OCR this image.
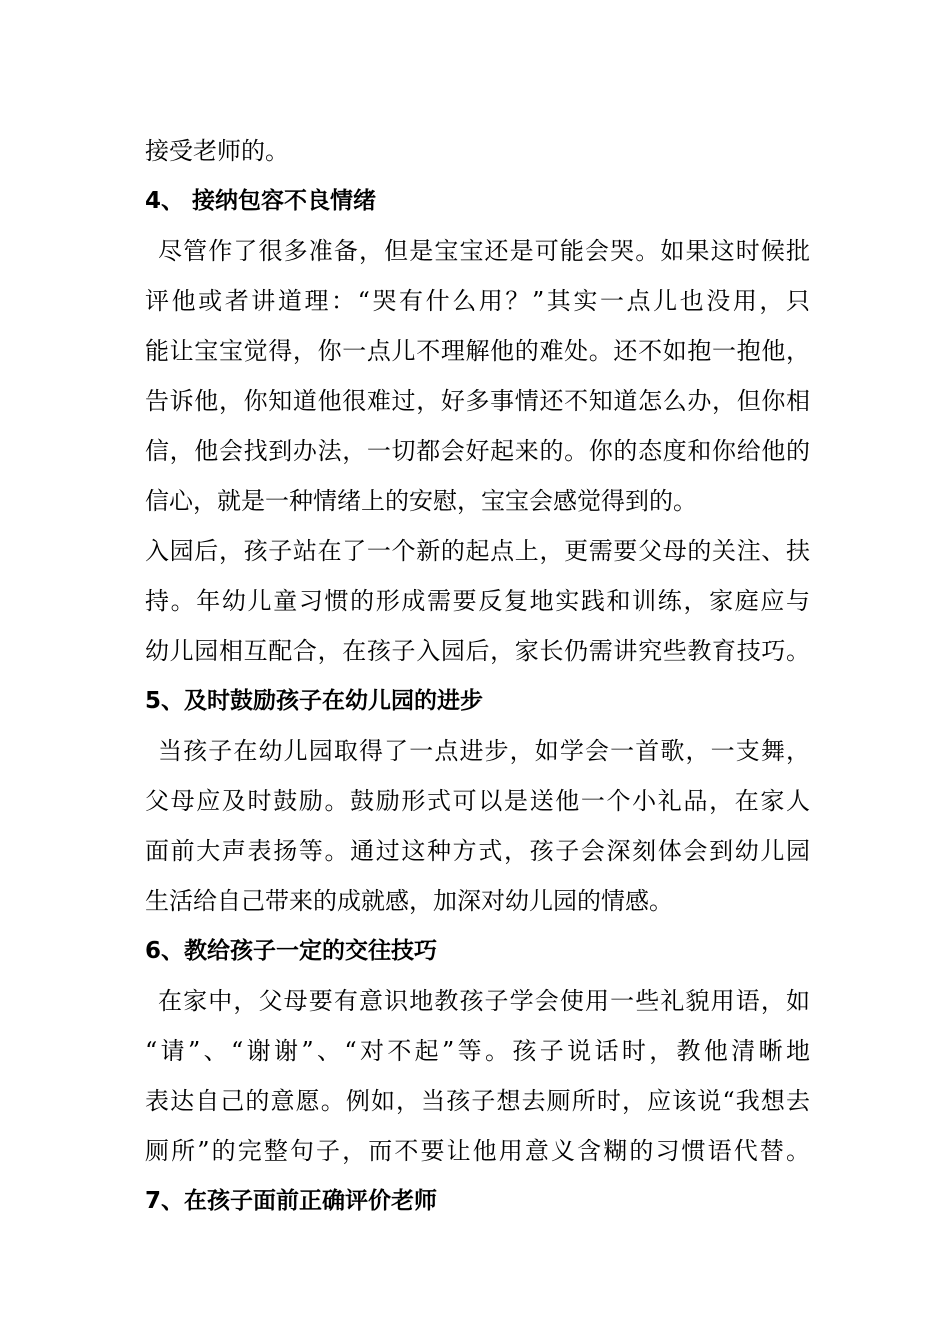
接受老师的。
4、 接纳包容不良情绪
尽管作了很多准备，但是宝宝还是可能会哭。如果这时候批
评他或者讲道理：“哭有什么用？”其实一点儿也没用，只
能让宝宝觉得，你一点儿不理解他的难处。还不如抱一抱他，
告诉他，你知道他很难过，好多事情还不知道怎么办，但你相
信，他会找到办法，一切都会好起来的。你的态度和你给他的
信心，就是一种情绪上的安慰，宝宝会感觉得到的。
入园后，孩子站在了一个新的起点上，更需要父母的关注、扶
持。年幼儿童习惯的形成需要反复地实践和训练，家庭应与
幼儿园相互配合，在孩子入园后，家长仍需讲究些教育技巧。
5、及时鼓励孩子在幼儿园的进步
当孩子在幼儿园取得了一点进步，如学会一首歌，一支舞，
父母应及时鼓励。鼓励形式可以是送他一个小礼品，在家人
面前大声表扬等。通过这种方式，孩子会深刻体会到幼儿园
生活给自己带来的成就感，加深对幼儿园的情感。
6、教给孩子一定的交往技巧
在家中，父母要有意识地教孩子学会使用一些礼貌用语，如
“请”、“谢谢”、“对不起”等。孩子说话时，教他清晰地
表达自己的意愿。例如，当孩子想去厕所时，应该说“我想去
厕所”的完整句子，而不要让他用意义含糊的习惯语代替。
7、在孩子面前正确评价老师
